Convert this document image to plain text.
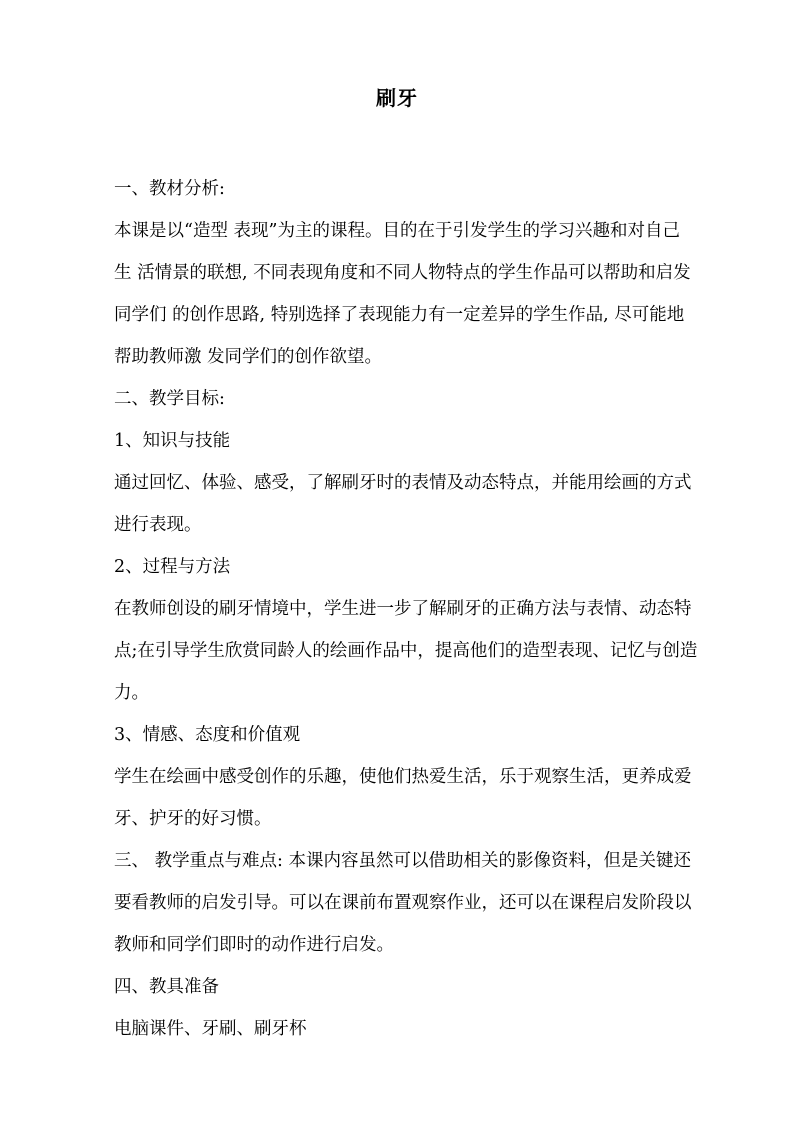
刷牙
一、教材分析:
本课是以“造型 表现”为主的课程。目的在于引发学生的学习兴趣和对自己
生 活情景的联想, 不同表现角度和不同人物特点的学生作品可以帮助和启发
同学们 的创作思路, 特别选择了表现能力有一定差异的学生作品, 尽可能地
帮助教师激 发同学们的创作欲望。
二、教学目标:
1、知识与技能
通过回忆、体验、感受，了解刷牙时的表情及动态特点，并能用绘画的方式
进行表现。
2、过程与方法
在教师创设的刷牙情境中，学生进一步了解刷牙的正确方法与表情、动态特
点;在引导学生欣赏同龄人的绘画作品中，提高他们的造型表现、记忆与创造
力。
3、情感、态度和价值观
学生在绘画中感受创作的乐趣，使他们热爱生活，乐于观察生活，更养成爱
牙、护牙的好习惯。
三、 教学重点与难点: 本课内容虽然可以借助相关的影像资料，但是关键还
要看教师的启发引导。可以在课前布置观察作业，还可以在课程启发阶段以
教师和同学们即时的动作进行启发。
四、教具准备
电脑课件、牙刷、刷牙杯
